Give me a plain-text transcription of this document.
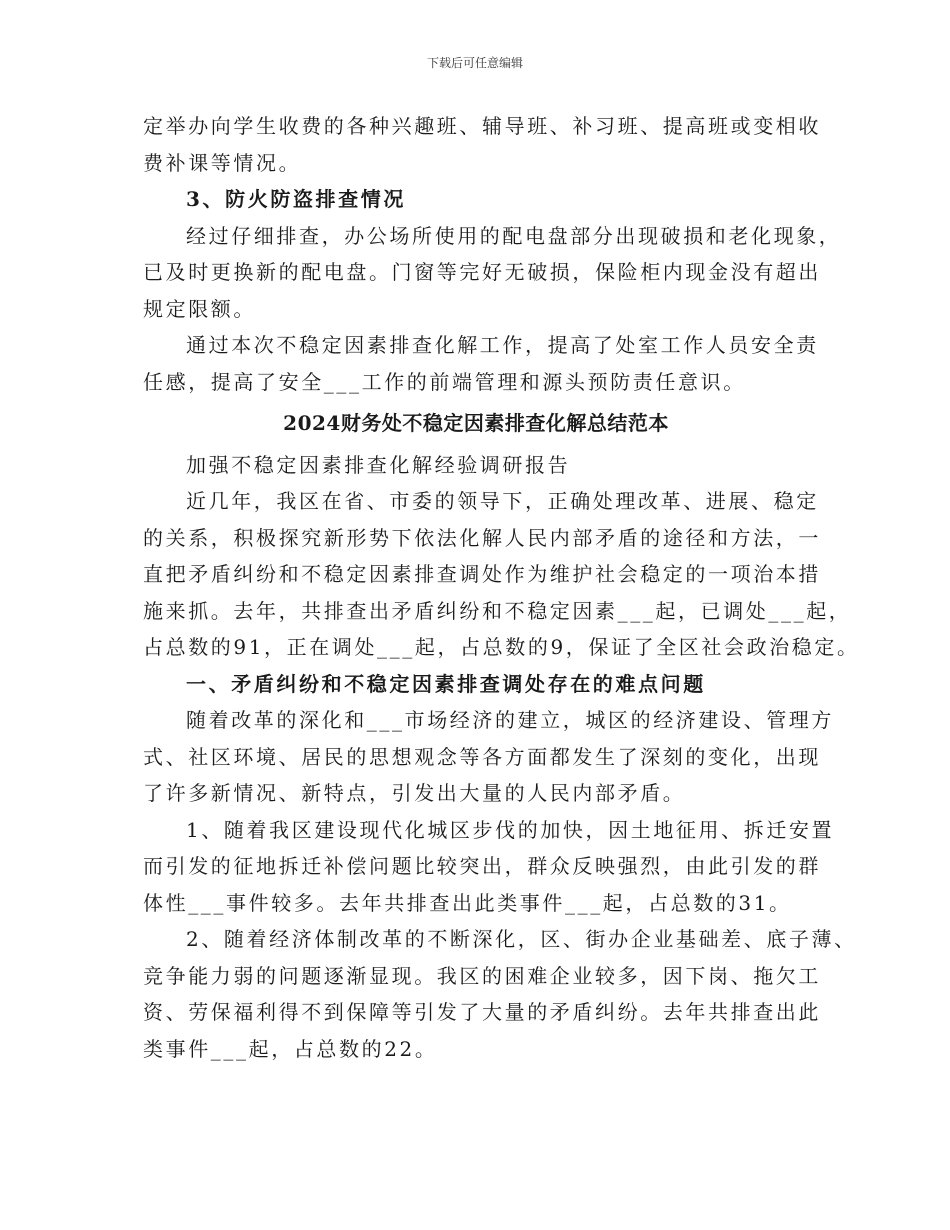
下载后可任意编辑
定举办向学生收费的各种兴趣班、辅导班、补习班、提高班或变相收
费补课等情况。
3、防火防盗排查情况
经过仔细排查，办公场所使用的配电盘部分出现破损和老化现象，
已及时更换新的配电盘。门窗等完好无破损，保险柜内现金没有超出
规定限额。
通过本次不稳定因素排查化解工作，提高了处室工作人员安全责
任感，提高了安全___工作的前端管理和源头预防责任意识。
2024财务处不稳定因素排查化解总结范本
加强不稳定因素排查化解经验调研报告
近几年，我区在省、市委的领导下，正确处理改革、进展、稳定
的关系，积极探究新形势下依法化解人民内部矛盾的途径和方法，一
直把矛盾纠纷和不稳定因素排查调处作为维护社会稳定的一项治本措
施来抓。去年，共排查出矛盾纠纷和不稳定因素___起，已调处___起，
占总数的91，正在调处___起，占总数的9，保证了全区社会政治稳定。
一、矛盾纠纷和不稳定因素排查调处存在的难点问题
随着改革的深化和___市场经济的建立，城区的经济建设、管理方
式、社区环境、居民的思想观念等各方面都发生了深刻的变化，出现
了许多新情况、新特点，引发出大量的人民内部矛盾。
1、随着我区建设现代化城区步伐的加快，因土地征用、拆迁安置
而引发的征地拆迁补偿问题比较突出，群众反映强烈，由此引发的群
体性___事件较多。去年共排查出此类事件___起，占总数的31。
2、随着经济体制改革的不断深化，区、街办企业基础差、底子薄、
竞争能力弱的问题逐渐显现。我区的困难企业较多，因下岗、拖欠工
资、劳保福利得不到保障等引发了大量的矛盾纠纷。去年共排查出此
类事件___起，占总数的22。
